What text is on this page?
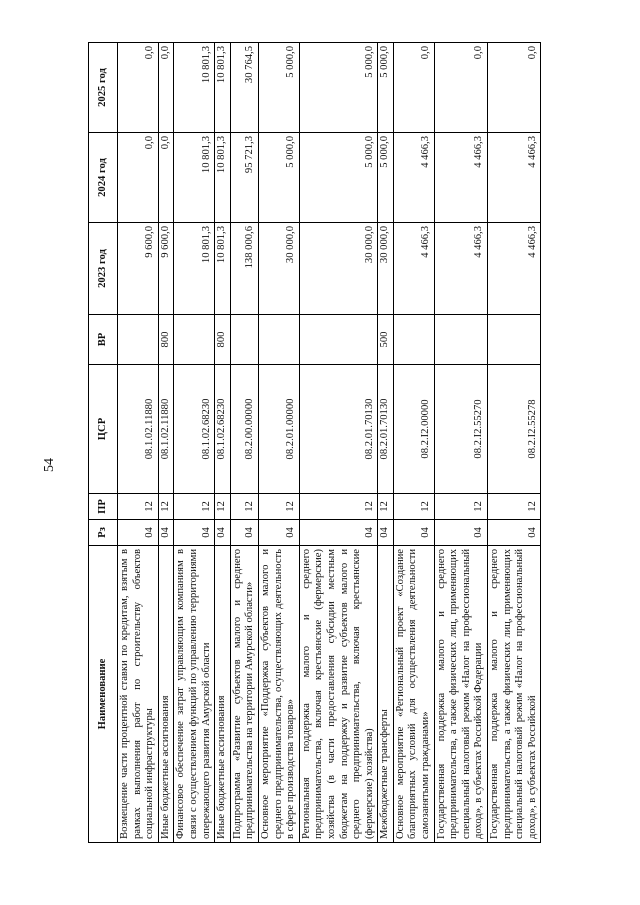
54
Наименование	Рз	ПР	ЦСР	ВР	2023 год	2024 год	2025 год
Возмещение части процентной ставки по кредитам, взятым в рамках выполнения работ по строительству объектов социальной инфраструктуры	04	12	08.1.02.11880		9 600,0	0,0	0,0
Иные бюджетные ассигнования	04	12	08.1.02.11880	800	9 600,0	0,0	0,0
Финансовое обеспечение затрат управляющим компаниям в связи с осуществлением функций по управлению территориями опережающего развития Амурской области	04	12	08.1.02.68230		10 801,3	10 801,3	10 801,3
Иные бюджетные ассигнования	04	12	08.1.02.68230	800	10 801,3	10 801,3	10 801,3
Подпрограмма «Развитие субъектов малого и среднего предпринимательства на территории Амурской области»	04	12	08.2.00.00000		138 000,6	95 721,3	30 764,5
Основное мероприятие «Поддержка субъектов малого и среднего предпринимательства, осуществляющих деятельность в сфере производства товаров»	04	12	08.2.01.00000		30 000,0	5 000,0	5 000,0
Региональная поддержка малого и среднего предпринимательства, включая крестьянские (фермерские) хозяйства (в части предоставления субсидии местным бюджетам на поддержку и развитие субъектов малого и среднего предпринимательства, включая крестьянские (фермерские) хозяйства)	04	12	08.2.01.70130		30 000,0	5 000,0	5 000,0
Межбюджетные трансферты	04	12	08.2.01.70130	500	30 000,0	5 000,0	5 000,0
Основное мероприятие «Региональный проект «Создание благоприятных условий для осуществления деятельности самозанятыми гражданами»	04	12	08.2.I2.00000		4 466,3	4 466,3	0,0
Государственная поддержка малого и среднего предпринимательства, а также физических лиц, применяющих специальный налоговый режим «Налог на профессиональный доход», в субъектах Российской Федерации	04	12	08.2.I2.55270		4 466,3	4 466,3	0,0
Государственная поддержка малого и среднего предпринимательства, а также физических лиц, применяющих специальный налоговый режим «Налог на профессиональный доход», в субъектах Российской	04	12	08.2.I2.55278		4 466,3	4 466,3	0,0
